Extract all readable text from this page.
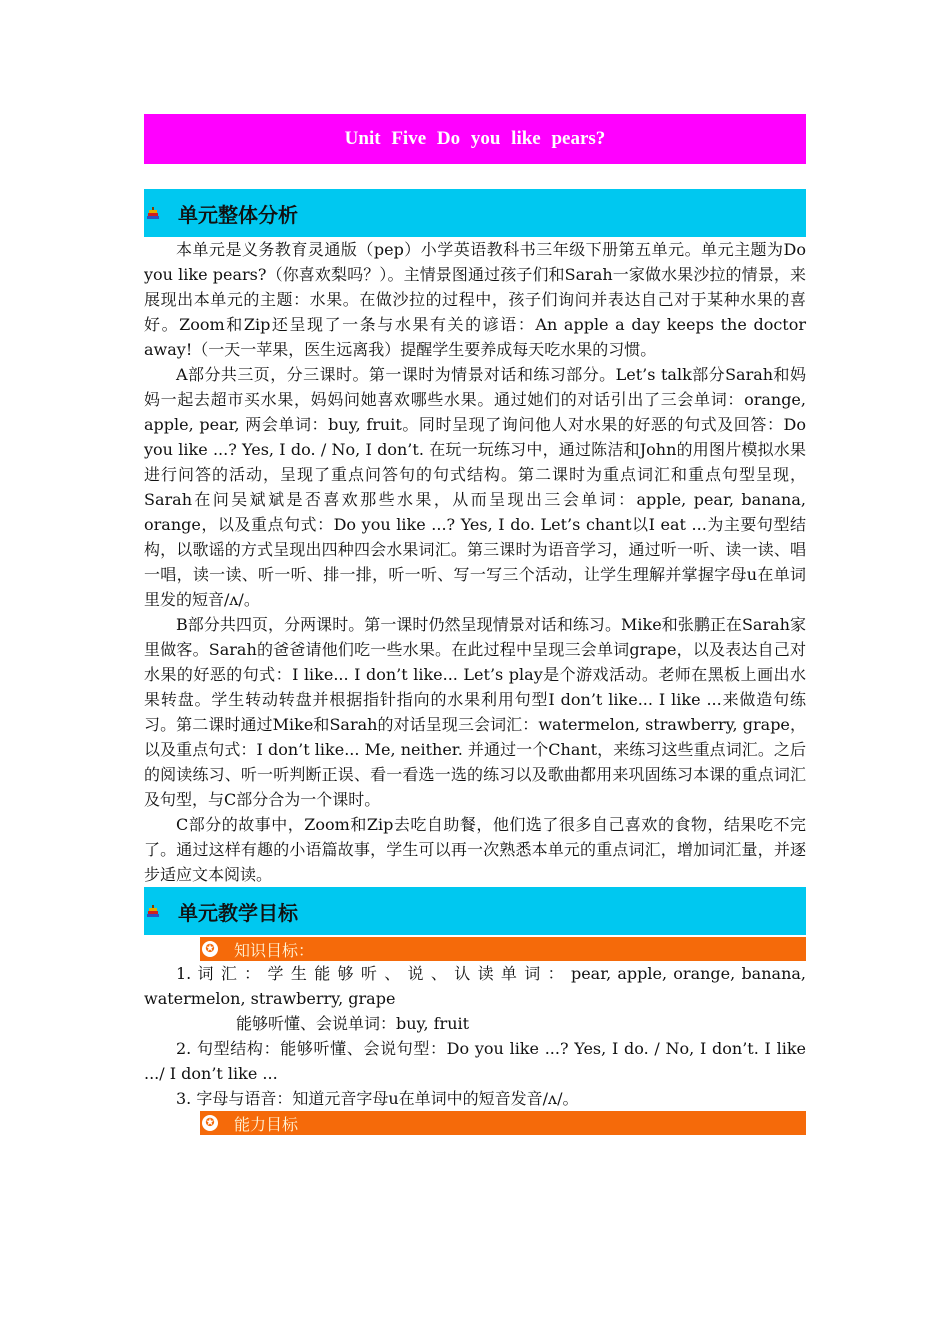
Unit Five Do you like pears?
单元整体分析

本单元是义务教育灵通版（pep）小学英语教科书三年级下册第五单元。单元主题为Do you like pears?（你喜欢梨吗？）。主情景图通过孩子们和Sarah一家做水果沙拉的情景，来展现出本单元的主题：水果。在做沙拉的过程中，孩子们询问并表达自己对于某种水果的喜好。Zoom和Zip还呈现了一条与水果有关的谚语：An apple a day keeps the doctor away!（一天一苹果，医生远离我）提醒学生要养成每天吃水果的习惯。

A部分共三页，分三课时。第一课时为情景对话和练习部分。Let’s talk部分Sarah和妈妈一起去超市买水果，妈妈问她喜欢哪些水果。通过她们的对话引出了三会单词：orange, apple, pear, 两会单词：buy, fruit。同时呈现了询问他人对水果的好恶的句式及回答：Do you like ...? Yes, I do. / No, I don’t. 在玩一玩练习中，通过陈洁和John的用图片模拟水果进行问答的活动，呈现了重点问答句的句式结构。第二课时为重点词汇和重点句型呈现，Sarah在问吴斌斌是否喜欢那些水果，从而呈现出三会单词：apple, pear, banana, orange，以及重点句式：Do you like ...? Yes, I do. Let’s chant以I eat ...为主要句型结构，以歌谣的方式呈现出四种四会水果词汇。第三课时为语音学习，通过听一听、读一读、唱一唱，读一读、听一听、排一排，听一听、写一写三个活动，让学生理解并掌握字母u在单词里发的短音/ʌ/。

B部分共四页，分两课时。第一课时仍然呈现情景对话和练习。Mike和张鹏正在Sarah家里做客。Sarah的爸爸请他们吃一些水果。在此过程中呈现三会单词grape，以及表达自己对水果的好恶的句式：I like... I don’t like... Let’s play是个游戏活动。老师在黑板上画出水果转盘。学生转动转盘并根据指针指向的水果利用句型I don’t like... I like ...来做造句练习。第二课时通过Mike和Sarah的对话呈现三会词汇：watermelon, strawberry, grape，以及重点句式：I don’t like... Me, neither. 并通过一个Chant，来练习这些重点词汇。之后的阅读练习、听一听判断正误、看一看选一选的练习以及歌曲都用来巩固练习本课的重点词汇及句型，与C部分合为一个课时。

C部分的故事中，Zoom和Zip去吃自助餐，他们选了很多自己喜欢的食物，结果吃不完了。通过这样有趣的小语篇故事，学生可以再一次熟悉本单元的重点词汇，增加词汇量，并逐步适应文本阅读。

单元教学目标
✪ 知识目标：

1. 词 汇 ： 学 生 能 够 听 、 说 、 认 读 单 词 ： pear, apple, orange, banana, watermelon, strawberry, grape

能够听懂、会说单词：buy, fruit

2. 句型结构：能够听懂、会说句型：Do you like ...? Yes, I do. / No, I don’t. I like .../ I don’t like ...

3. 字母与语音：知道元音字母u在单词中的短音发音/ʌ/。

✪ 能力目标
